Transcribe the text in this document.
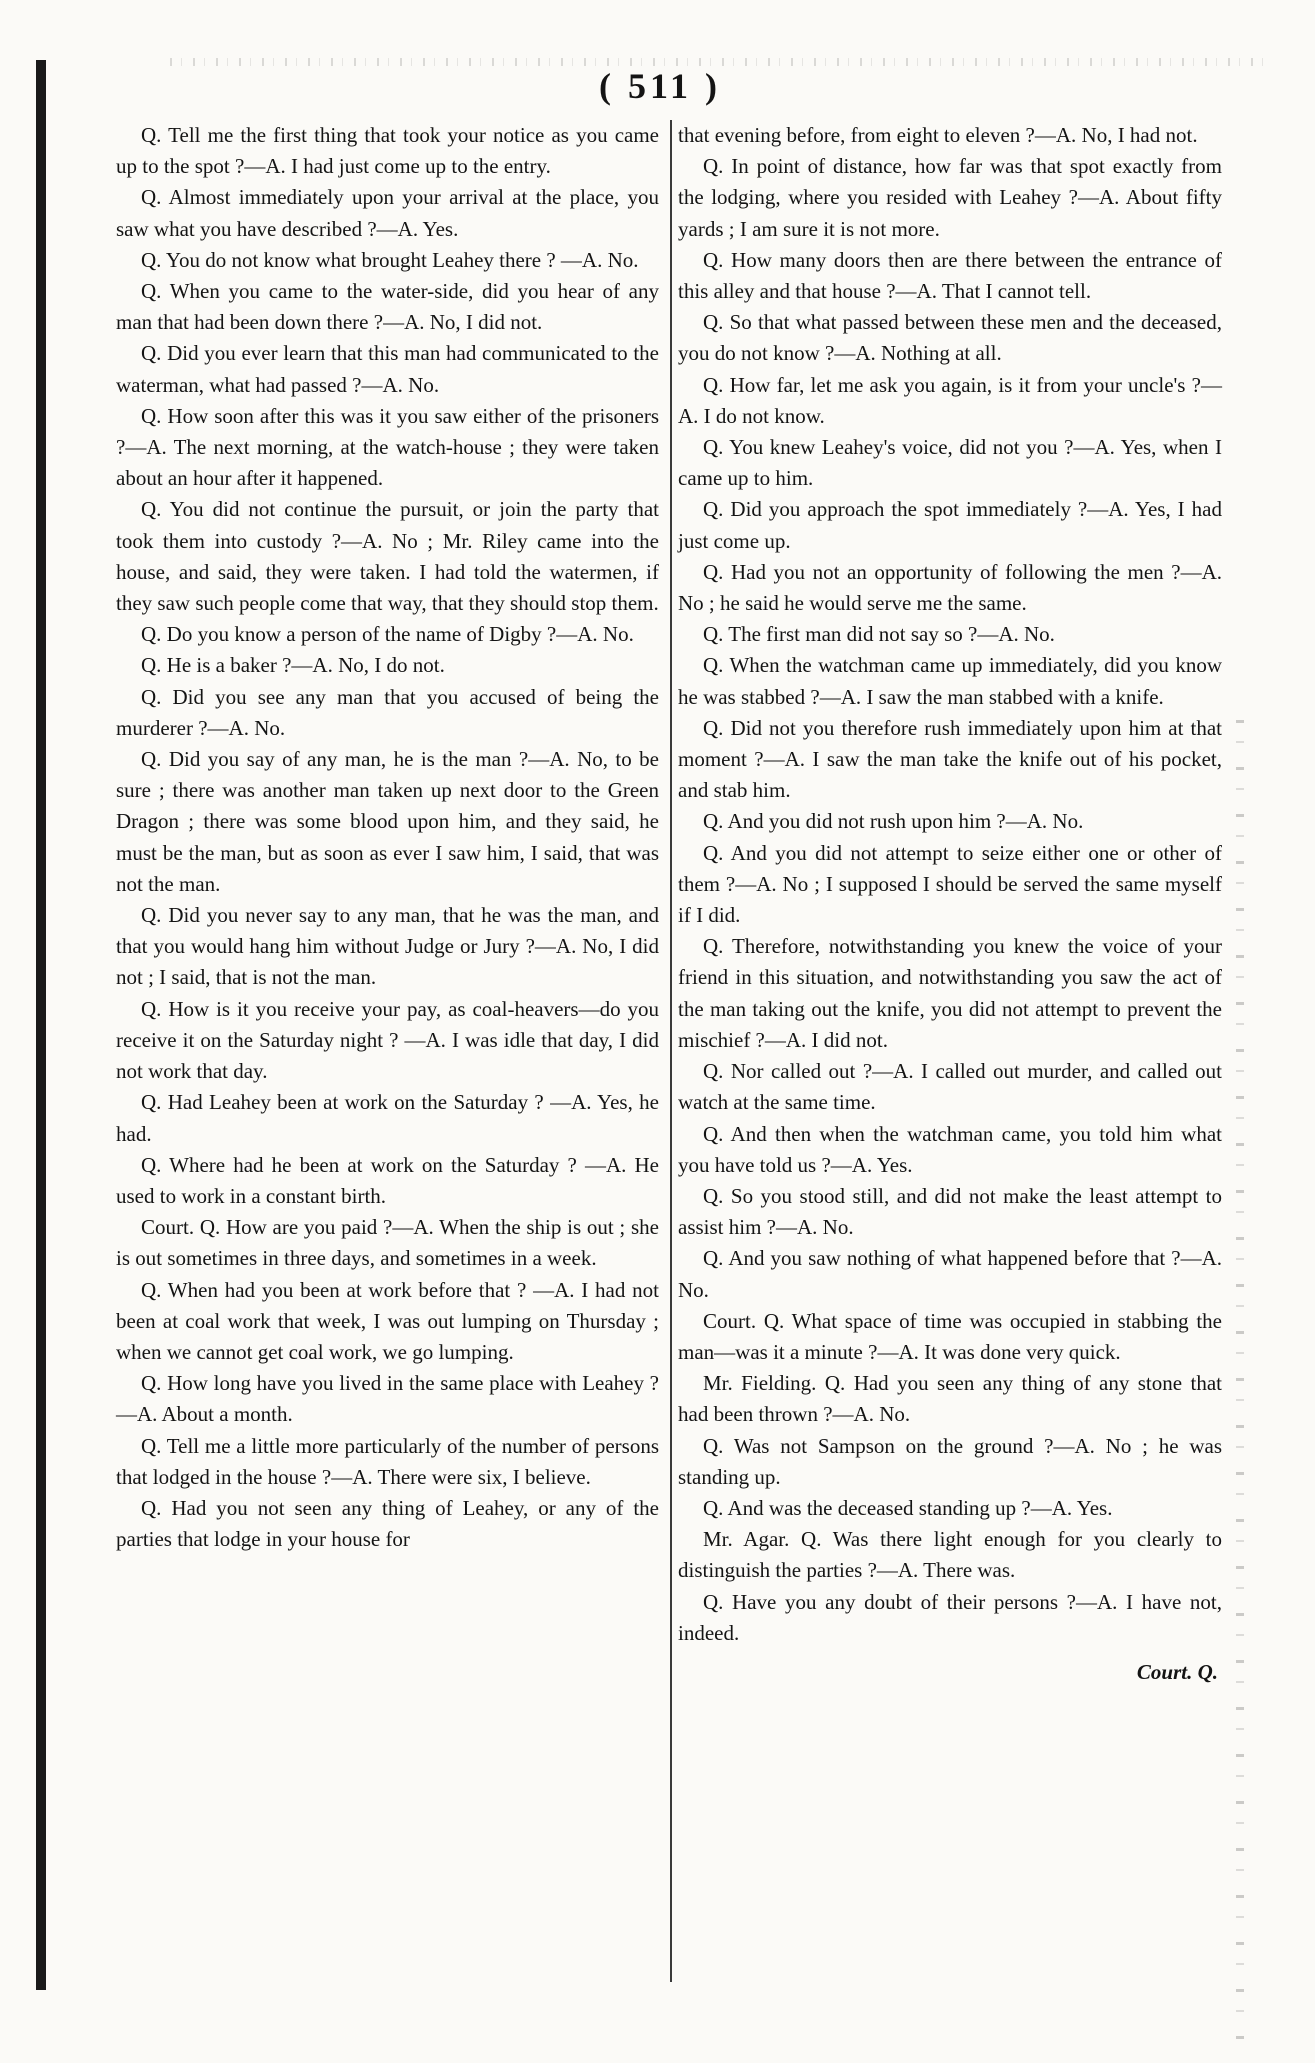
( 511 )

Q. Tell me the first thing that took your notice as you came up to the spot ?—A. I had just come up to the entry.

Q. Almost immediately upon your arrival at the place, you saw what you have described ?—A. Yes.

Q. You do not know what brought Leahey there ? —A. No.

Q. When you came to the water-side, did you hear of any man that had been down there ?—A. No, I did not.

Q. Did you ever learn that this man had communicated to the waterman, what had passed ?—A. No.

Q. How soon after this was it you saw either of the prisoners ?—A. The next morning, at the watch-house ; they were taken about an hour after it happened.

Q. You did not continue the pursuit, or join the party that took them into custody ?—A. No ; Mr. Riley came into the house, and said, they were taken. I had told the watermen, if they saw such people come that way, that they should stop them.

Q. Do you know a person of the name of Digby ?—A. No.

Q. He is a baker ?—A. No, I do not.

Q. Did you see any man that you accused of being the murderer ?—A. No.

Q. Did you say of any man, he is the man ?—A. No, to be sure ; there was another man taken up next door to the Green Dragon ; there was some blood upon him, and they said, he must be the man, but as soon as ever I saw him, I said, that was not the man.

Q. Did you never say to any man, that he was the man, and that you would hang him without Judge or Jury ?—A. No, I did not ; I said, that is not the man.

Q. How is it you receive your pay, as coal-heavers—do you receive it on the Saturday night ? —A. I was idle that day, I did not work that day.

Q. Had Leahey been at work on the Saturday ? —A. Yes, he had.

Q. Where had he been at work on the Saturday ? —A. He used to work in a constant birth.

Court. Q. How are you paid ?—A. When the ship is out ; she is out sometimes in three days, and sometimes in a week.

Q. When had you been at work before that ? —A. I had not been at coal work that week, I was out lumping on Thursday ; when we cannot get coal work, we go lumping.

Q. How long have you lived in the same place with Leahey ?—A. About a month.

Q. Tell me a little more particularly of the number of persons that lodged in the house ?—A. There were six, I believe.

Q. Had you not seen any thing of Leahey, or any of the parties that lodge in your house for

that evening before, from eight to eleven ?—A. No, I had not.

Q. In point of distance, how far was that spot exactly from the lodging, where you resided with Leahey ?—A. About fifty yards ; I am sure it is not more.

Q. How many doors then are there between the entrance of this alley and that house ?—A. That I cannot tell.

Q. So that what passed between these men and the deceased, you do not know ?—A. Nothing at all.

Q. How far, let me ask you again, is it from your uncle's ?—A. I do not know.

Q. You knew Leahey's voice, did not you ?—A. Yes, when I came up to him.

Q. Did you approach the spot immediately ?—A. Yes, I had just come up.

Q. Had you not an opportunity of following the men ?—A. No ; he said he would serve me the same.

Q. The first man did not say so ?—A. No.

Q. When the watchman came up immediately, did you know he was stabbed ?—A. I saw the man stabbed with a knife.

Q. Did not you therefore rush immediately upon him at that moment ?—A. I saw the man take the knife out of his pocket, and stab him.

Q. And you did not rush upon him ?—A. No.

Q. And you did not attempt to seize either one or other of them ?—A. No ; I supposed I should be served the same myself if I did.

Q. Therefore, notwithstanding you knew the voice of your friend in this situation, and notwithstanding you saw the act of the man taking out the knife, you did not attempt to prevent the mischief ?—A. I did not.

Q. Nor called out ?—A. I called out murder, and called out watch at the same time.

Q. And then when the watchman came, you told him what you have told us ?—A. Yes.

Q. So you stood still, and did not make the least attempt to assist him ?—A. No.

Q. And you saw nothing of what happened before that ?—A. No.

Court. Q. What space of time was occupied in stabbing the man—was it a minute ?—A. It was done very quick.

Mr. Fielding. Q. Had you seen any thing of any stone that had been thrown ?—A. No.

Q. Was not Sampson on the ground ?—A. No ; he was standing up.

Q. And was the deceased standing up ?—A. Yes.

Mr. Agar. Q. Was there light enough for you clearly to distinguish the parties ?—A. There was.

Q. Have you any doubt of their persons ?—A. I have not, indeed.

Court. Q.
